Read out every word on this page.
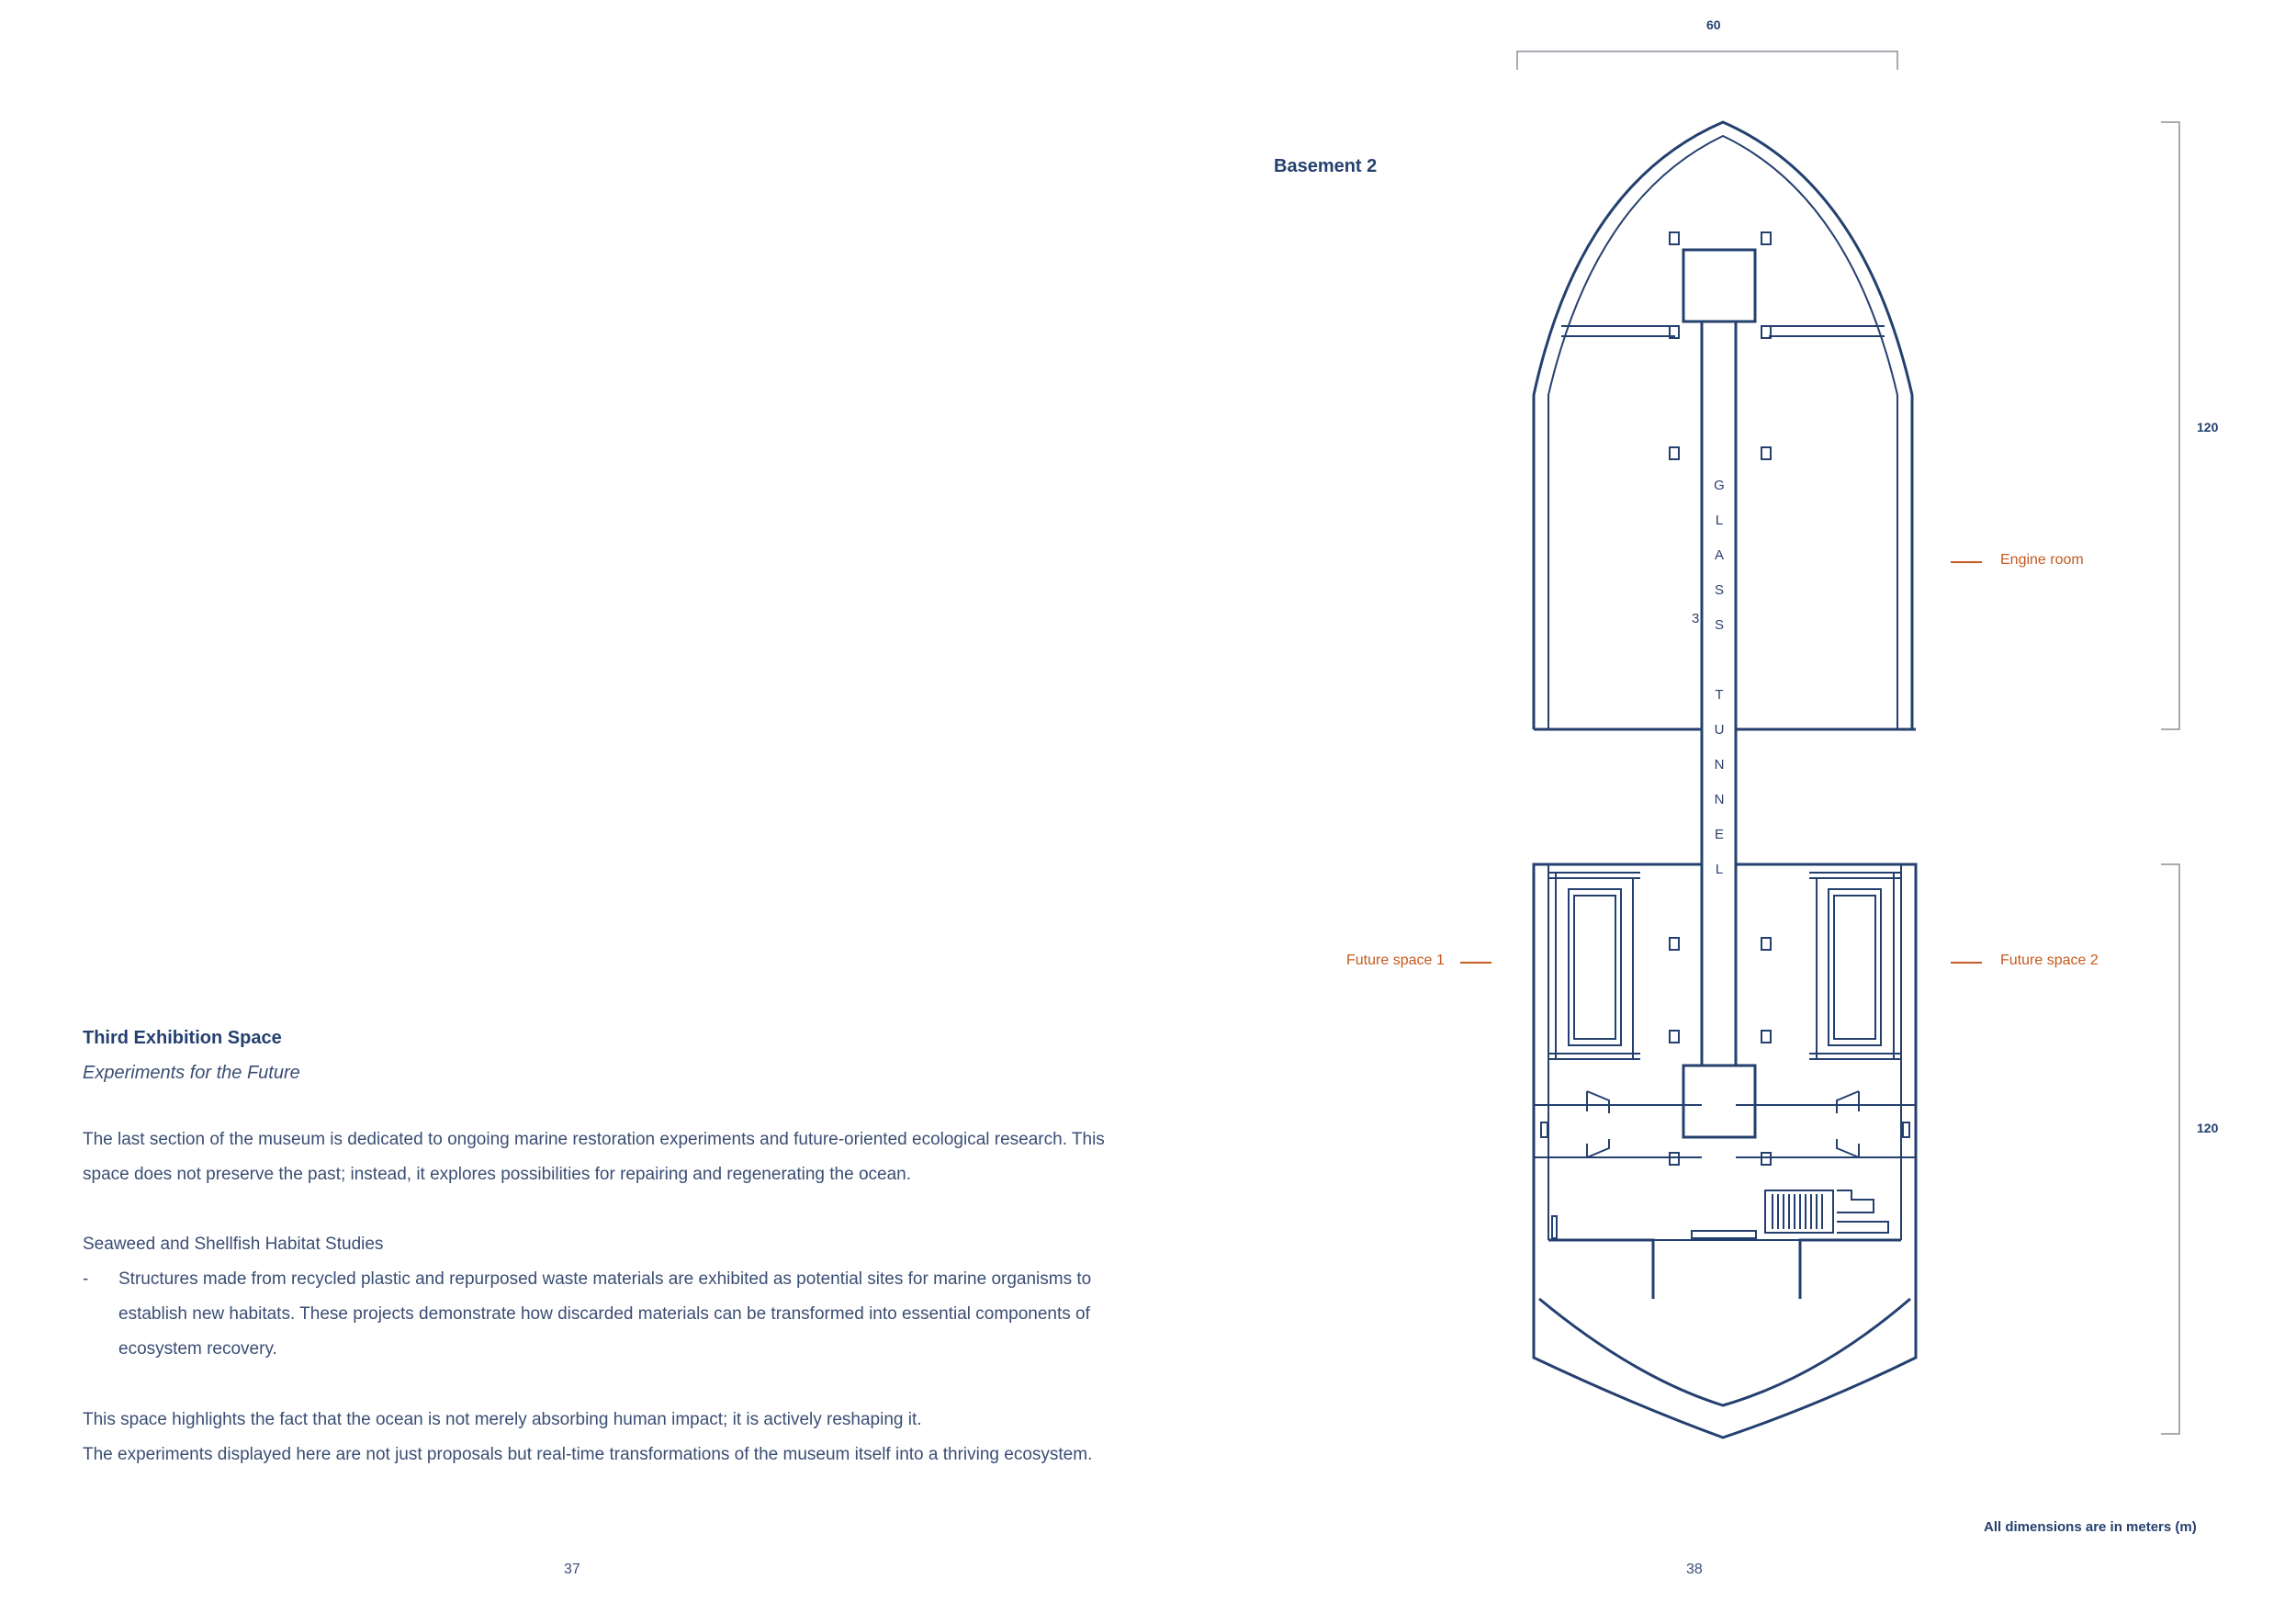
Third Exhibition Space
Experiments for the Future
The last section of the museum is dedicated to ongoing marine restoration experiments and future-oriented ecological research. This space does not preserve the past; instead, it explores possibilities for repairing and regenerating the ocean.
Seaweed and Shellfish Habitat Studies
- Structures made from recycled plastic and repurposed waste materials are exhibited as potential sites for marine organisms to establish new habitats. These projects demonstrate how discarded materials can be transformed into essential components of ecosystem recovery.
This space highlights the fact that the ocean is not merely absorbing human impact; it is actively reshaping it.
The experiments displayed here are not just proposals but real-time transformations of the museum itself into a thriving ecosystem.
37
G
L
A
S
S
T
U
N
N
E
L
3
Basement 2
60
120
120
Engine room
Future space 1	Future space 2
All dimensions are in meters (m)
38
